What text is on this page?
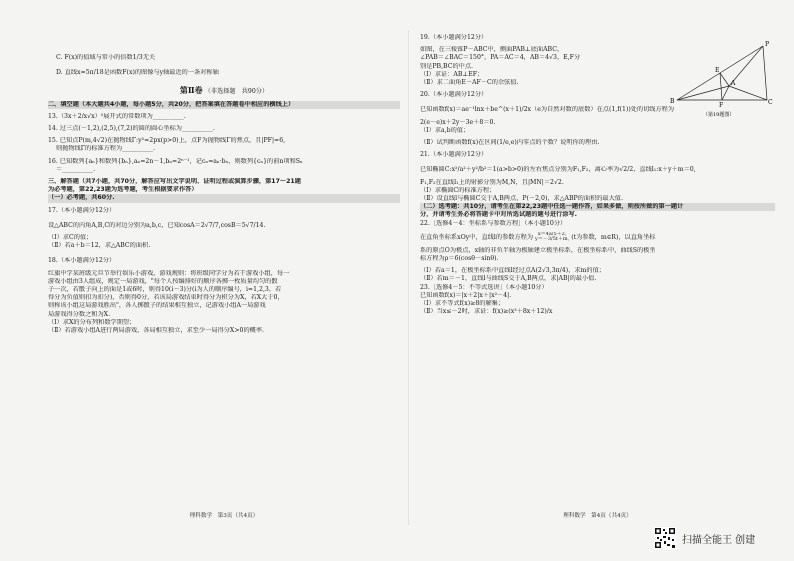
C. F(x)的值域与常小的倍数1/3无关
D. 直线x=5π/18是函数F(x)的图像与y轴最近的一条对称轴
第Ⅱ卷 （非选择题　共90分）
二、填空题（本大题共4小题，每小题5分，共20分，把答案填在答题卷中相应的横线上）
13.（3x＋2/x√x）⁵展开式的常数项为__________.
14. 过三点(－1,2),(2,5),(7,2)的圆的圆心坐标为__________.
15. 已知点P(m,4√2)在抛物线Γ:y²=2px(p>0)上，点F为抛物线Γ的焦点，且|PF|=6,
则抛物线Γ的标准方程为__________.
16. 已知数列{aₙ}和数列{bₙ},aₙ=2n－1,bₙ=2ⁿ⁻¹，记cₙ=aₙ·bₙ，则数列{cₙ}的前n项和Sₙ
＝__________.
三、解答题（共7小题，共70分，解答应写出文字说明、证明过程或演算步骤，第17～21题
为必考题，第22,23题为选考题，考生根据要求作答）
（一）必考题，共60分.
17.（本小题满分12分）
设△ABC的内角A,B,C的对边分别为a,b,c，已知cosA＝2√7/7,cosB＝5√7/14.
（Ⅰ）求C的值；
（Ⅱ）若a＋b＝12，求△ABC的面积.
18.（本小题满分12分）
红旗中学某班级元旦节举行娱乐小游戏，游戏规则：将班级同学分为若干游戏小组，每一
游戏小组由3人组成，规定一局游戏，"每个人按编排好的顺序各掷一枚质量均匀的骰
子一次，若骰子向上的面是1或6时，则得10(i－3)分(i为人的顺序编号，i=1,2,3，若
得分为负值则扣为扣分)，否则得0分，若该局游戏结束时得分为积分为X，若X大于0，
则称该小组这局游戏胜出"，各人掷骰子的结果相互独立，记游戏小组A一局游戏
局游戏得分数之和为X.
（Ⅰ）求X的分布列和数学期望；
（Ⅱ）若游戏小组A进行两局游戏，各局相互独立，求至少一局得分X>0的概率.
理科数学　第3页（共4页）
P
E
A
B	C
F
（第19题图）
19.（本小题满分12分）
如图，在三棱锥P－ABC中，侧面PAB⊥底面ABC，
∠PAB＝∠BAC＝150°，PA＝AC＝4，AB＝4√3，E,F分
别是PB,BC的中点.
（Ⅰ）求证：AB⊥EF；
（Ⅱ）求二面角E－AF－C的余弦值.
20.（本小题满分12分）
已知函数f(x)＝ae⁻¹lnx＋be^(x＋1)/2x（e为自然对数的底数）在点(1,f(1))处的切线方程为
2(e－e)x＋2y－3e＋8＝0.
（Ⅰ）求a,b的值；
（Ⅱ）试判断函数f(x)在区间(1/e,e)内零点的个数？说明你的理由.
21.（本小题满分12分）
已知椭圆C:x²/a²＋y²/b²＝1(a>b>0)的左右焦点分别为F₁,F₂，离心率为√2/2，直线l₁:x＋y＋m＝0,
F₁,F₂在直线l₁上的射影分别为M,N，且|MN|＝2√2.
（Ⅰ）求椭圆C的标准方程；
（Ⅱ）设直线l与椭圆C交于A,B两点，P(－2,0)，求△ABP的面积的最大值.
（二）选考题：共10分，请考生在第22,23题中任选一题作答，如果多做，则按所做的第一题计
分，并请考生务必将答题卡中对所选试题的题号进行涂写.
22.［选修4－4：坐标系与参数方程］（本小题10分）
在直角坐标系xOy中，直线l的参数方程为 x＝4a/5＋2,
y＝－3/5t＋m, (t为参数，m∈R)，以直角坐标
系的原点O为极点，x轴的非负半轴为极轴建立极坐标系，在极坐标系中，曲线S的极坐
标方程为ρ＝6(cosθ－sinθ).
（Ⅰ）若a＝1，在极坐标系中直线l经过点A(2√3,3π/4)，求m的值；
（Ⅱ）若m＝－1，直线l与曲线S交于A,B两点，求|AB|的最小值.
23.［选修4－5：不等式选讲］（本小题10分）
已知函数f(x)＝|x＋2|x＋|x²－4|.
（Ⅰ）求不等式f(x)≥8的解集；
（Ⅱ）当x≤－2时，求证：f(x)≥(x²＋8x＋12)/x
理科数学　第4页（共4页）
扫描全能王 创建
